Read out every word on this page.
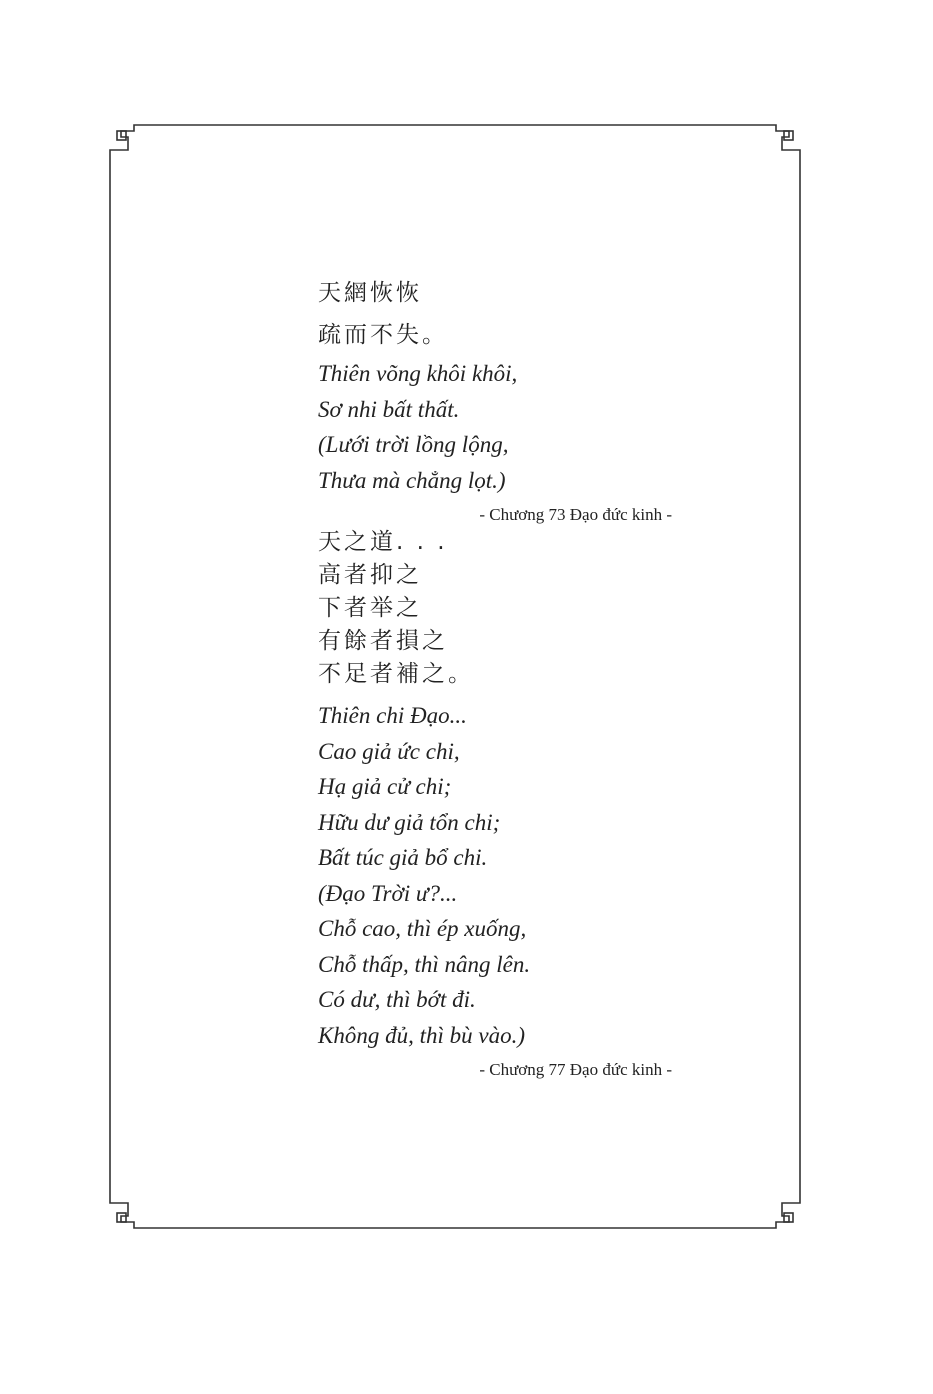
天網恢恢
疏而不失。
Thiên võng khôi khôi,
Sơ nhi bất thất.
(Lưới trời lồng lộng,
Thưa mà chẳng lọt.)
- Chương 73 Đạo đức kinh -
天之道. . .
高者抑之
下者举之
有餘者損之
不足者補之。
Thiên chi Đạo...
Cao giả ức chi,
Hạ giả cử chi;
Hữu dư giả tổn chi;
Bất túc giả bổ chi.
(Đạo Trời ư?...
Chỗ cao, thì ép xuống,
Chỗ thấp, thì nâng lên.
Có dư, thì bớt đi.
Không đủ, thì bù vào.)
- Chương 77 Đạo đức kinh -
